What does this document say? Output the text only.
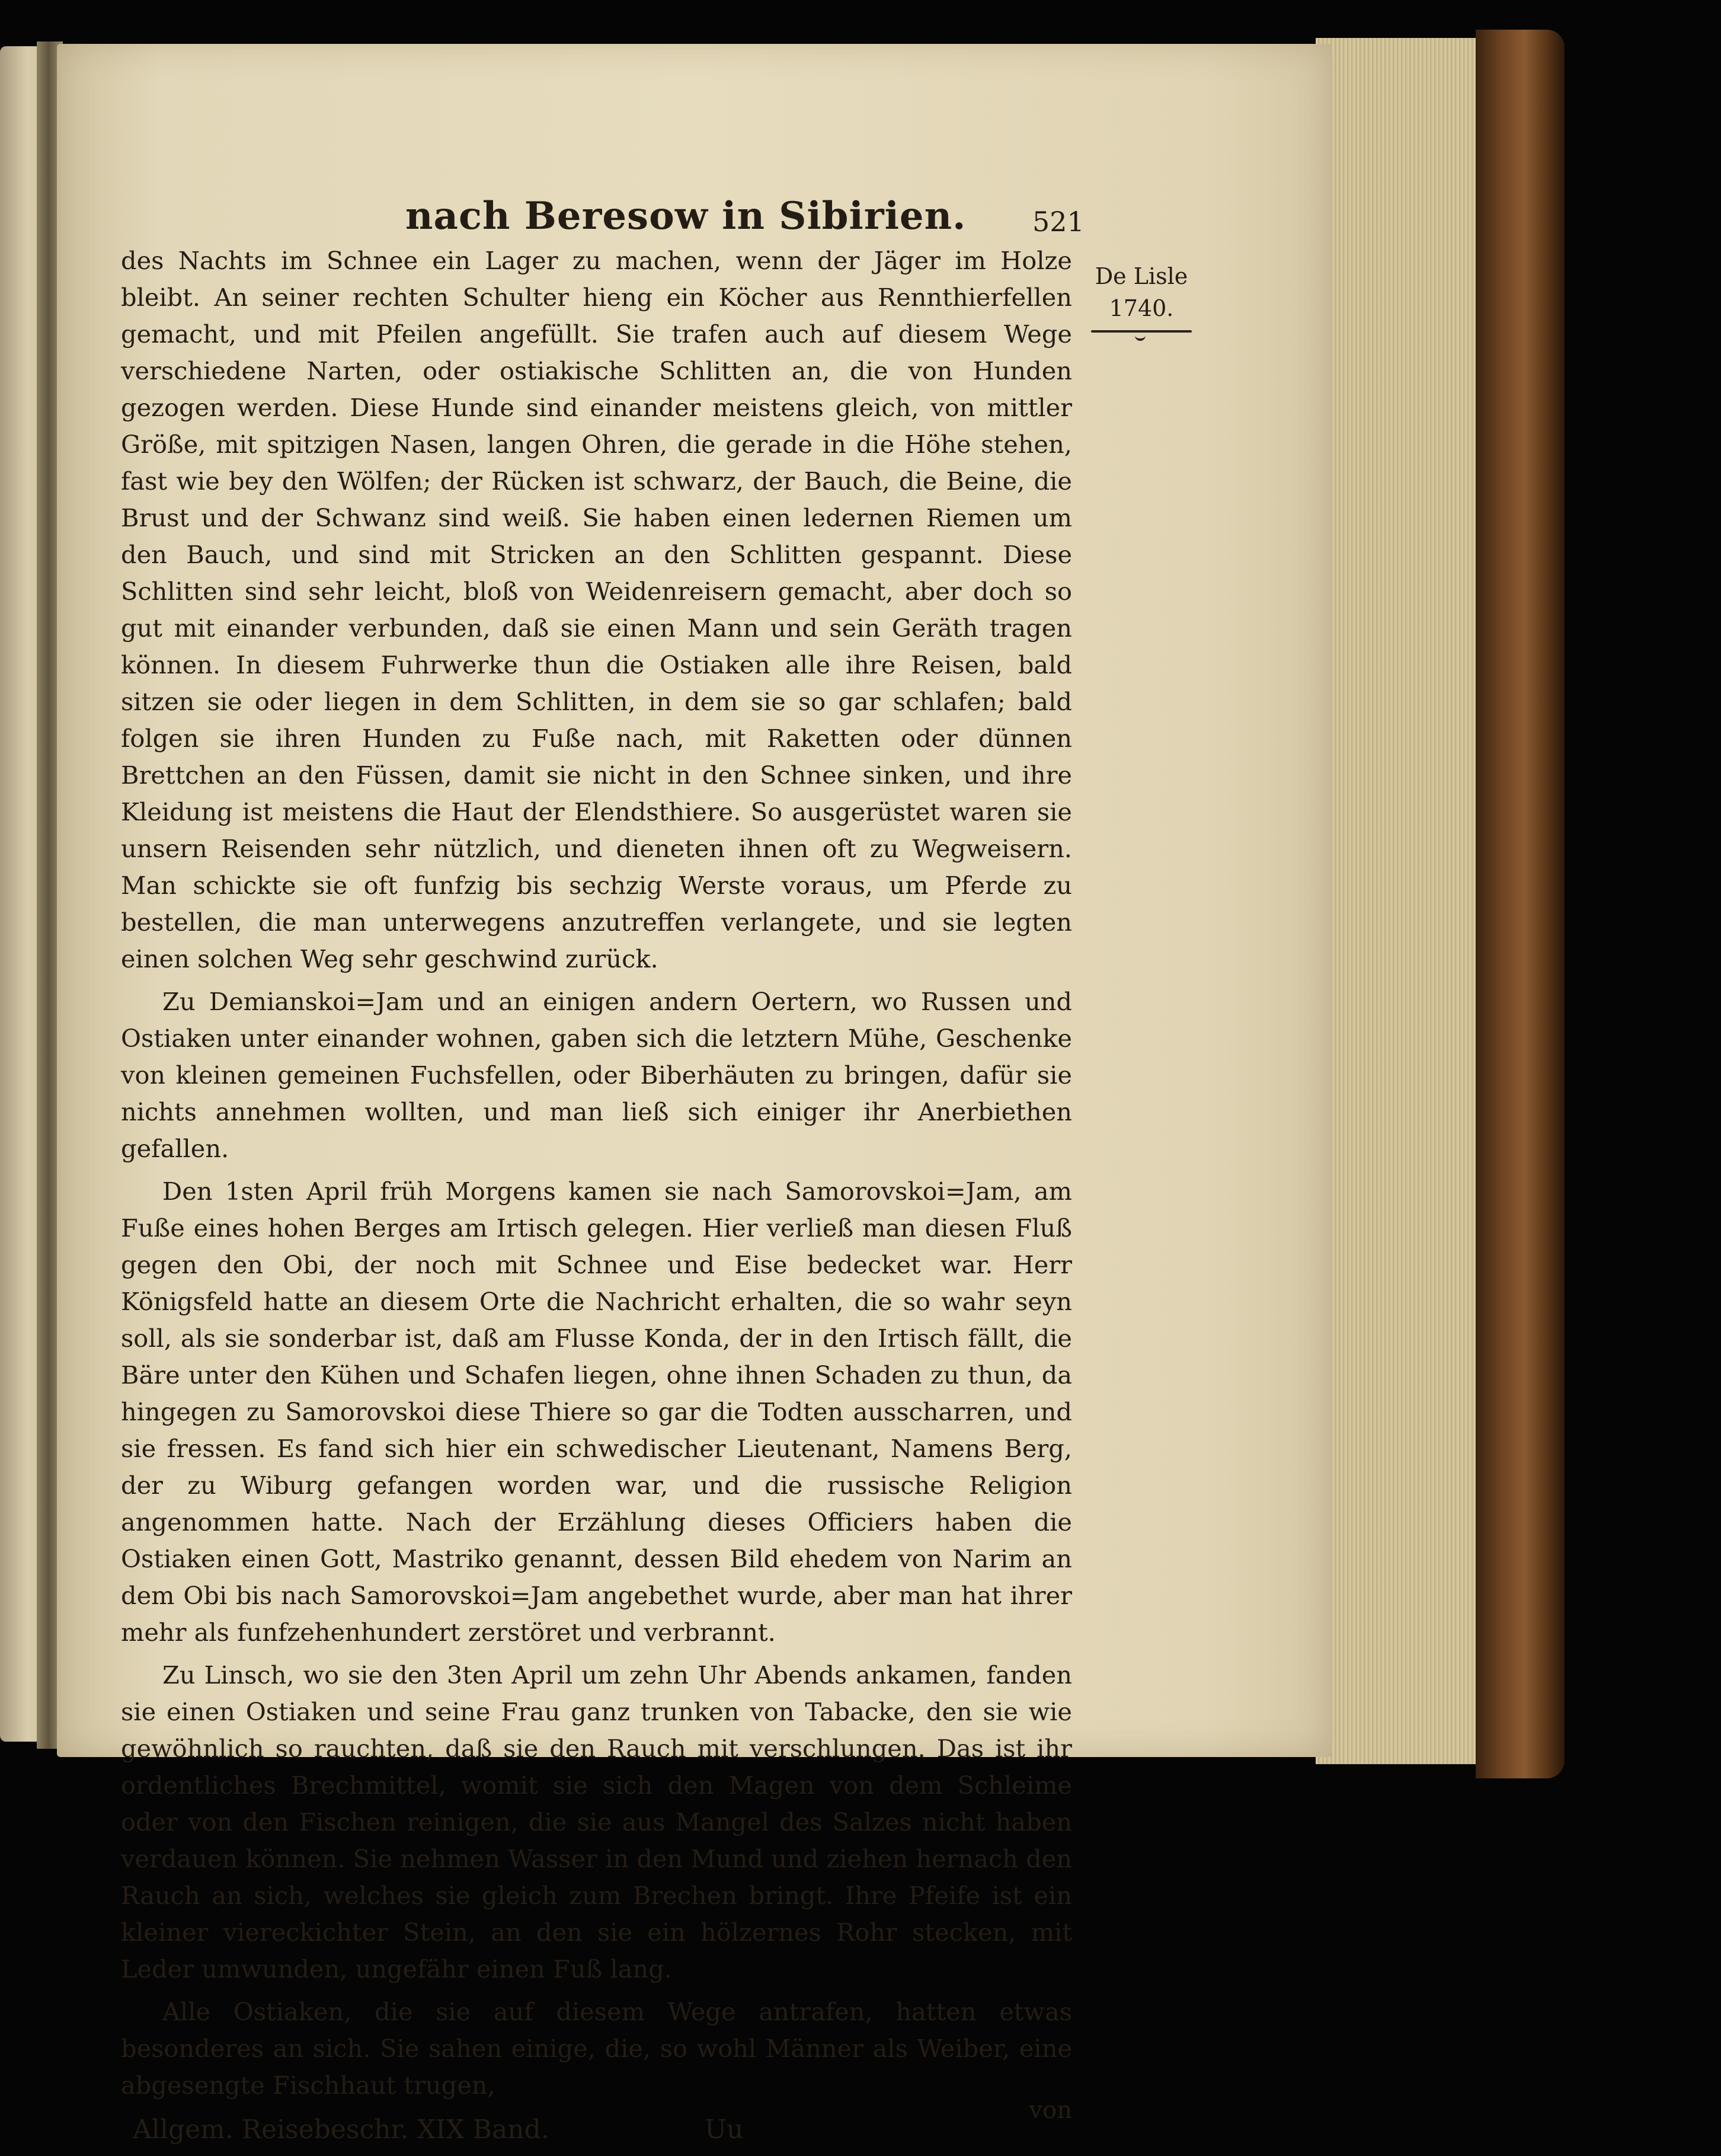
nach Beresow in Sibirien. 521

des Nachts im Schnee ein Lager zu machen, wenn der Jäger im Holze bleibt. An seiner rechten Schulter hieng ein Köcher aus Rennthierfellen gemacht, und mit Pfeilen angefüllt. Sie trafen auch auf diesem Wege verschiedene Narten, oder ostiakische Schlitten an, die von Hunden gezogen werden. Diese Hunde sind einander meistens gleich, von mittler Größe, mit spitzigen Nasen, langen Ohren, die gerade in die Höhe stehen, fast wie bey den Wölfen; der Rücken ist schwarz, der Bauch, die Beine, die Brust und der Schwanz sind weiß. Sie haben einen ledernen Riemen um den Bauch, und sind mit Stricken an den Schlitten gespannt. Diese Schlitten sind sehr leicht, bloß von Weidenreisern gemacht, aber doch so gut mit einander verbunden, daß sie einen Mann und sein Geräth tragen können. In diesem Fuhrwerke thun die Ostiaken alle ihre Reisen, bald sitzen sie oder liegen in dem Schlitten, in dem sie so gar schlafen; bald folgen sie ihren Hunden zu Fuße nach, mit Raketten oder dünnen Brettchen an den Füssen, damit sie nicht in den Schnee sinken, und ihre Kleidung ist meistens die Haut der Elendsthiere. So ausgerüstet waren sie unsern Reisenden sehr nützlich, und dieneten ihnen oft zu Wegweisern. Man schickte sie oft funfzig bis sechzig Werste voraus, um Pferde zu bestellen, die man unterwegens anzutreffen verlangete, und sie legten einen solchen Weg sehr geschwind zurück.

Zu Demianskoi=Jam und an einigen andern Oertern, wo Russen und Ostiaken unter einander wohnen, gaben sich die letztern Mühe, Geschenke von kleinen gemeinen Fuchsfellen, oder Biberhäuten zu bringen, dafür sie nichts annehmen wollten, und man ließ sich einiger ihr Anerbiethen gefallen.

Den 1sten April früh Morgens kamen sie nach Samorovskoi=Jam, am Fuße eines hohen Berges am Irtisch gelegen. Hier verließ man diesen Fluß gegen den Obi, der noch mit Schnee und Eise bedecket war. Herr Königsfeld hatte an diesem Orte die Nachricht erhalten, die so wahr seyn soll, als sie sonderbar ist, daß am Flusse Konda, der in den Irtisch fällt, die Bäre unter den Kühen und Schafen liegen, ohne ihnen Schaden zu thun, da hingegen zu Samorovskoi diese Thiere so gar die Todten ausscharren, und sie fressen. Es fand sich hier ein schwedischer Lieutenant, Namens Berg, der zu Wiburg gefangen worden war, und die russische Religion angenommen hatte. Nach der Erzählung dieses Officiers haben die Ostiaken einen Gott, Mastriko genannt, dessen Bild ehedem von Narim an dem Obi bis nach Samorovskoi=Jam angebethet wurde, aber man hat ihrer mehr als funfzehenhundert zerstöret und verbrannt.

Zu Linsch, wo sie den 3ten April um zehn Uhr Abends ankamen, fanden sie einen Ostiaken und seine Frau ganz trunken von Tabacke, den sie wie gewöhnlich so rauchten, daß sie den Rauch mit verschlungen. Das ist ihr ordentliches Brechmittel, womit sie sich den Magen von dem Schleime oder von den Fischen reinigen, die sie aus Mangel des Salzes nicht haben verdauen können. Sie nehmen Wasser in den Mund und ziehen hernach den Rauch an sich, welches sie gleich zum Brechen bringt. Ihre Pfeife ist ein kleiner viereckichter Stein, an den sie ein hölzernes Rohr stecken, mit Leder umwunden, ungefähr einen Fuß lang.

Alle Ostiaken, die sie auf diesem Wege antrafen, hatten etwas besonderes an sich. Sie sahen einige, die, so wohl Männer als Weiber, eine abgesengte Fischhaut trugen,

Allgem. Reisebeschr. XIX Band.	Uu
von
De Lisle
1740.
